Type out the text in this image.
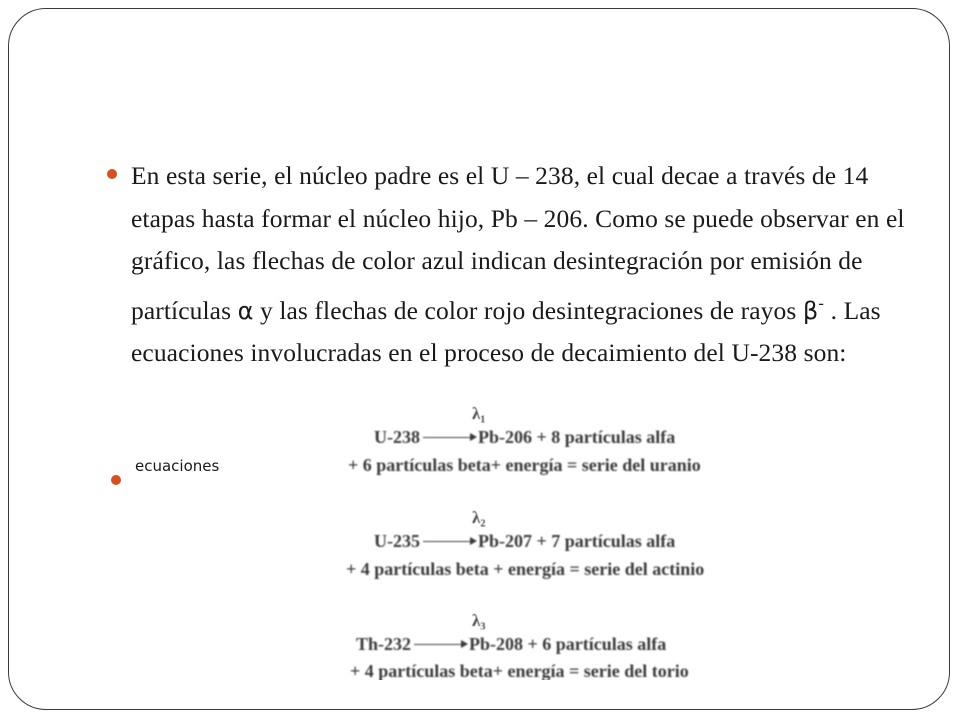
En esta serie, el núcleo padre es el U – 238, el cual decae a través de 14 etapas hasta formar el núcleo hijo, Pb – 206. Como se puede observar en el gráfico, las flechas de color azul indican desintegración por emisión de partículas α y las flechas de color rojo desintegraciones de rayos β- . Las ecuaciones involucradas en el proceso de decaimiento del U-238 son:
ecuaciones
λ₁
U-238	Pb-206 + 8 partículas alfa
+ 6 partículas beta+ energía = serie del uranio
λ₂
U-235	Pb-207 + 7 partículas alfa
+ 4 partículas beta + energía = serie del actinio
λ₃
Th-232	Pb-208 + 6 partículas alfa
+ 4 partículas beta+ energía = serie del torio
